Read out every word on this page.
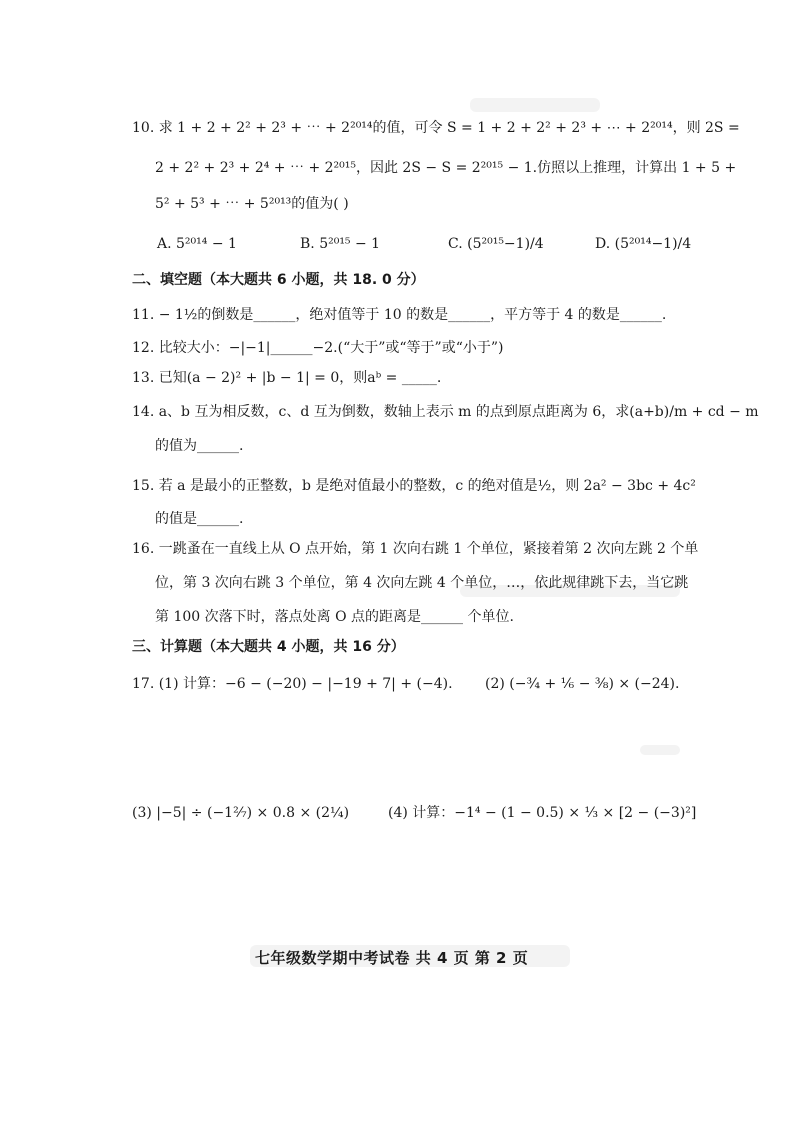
10. 求 1 + 2 + 2² + 2³ + ⋯ + 2²⁰¹⁴的值，可令 S = 1 + 2 + 2² + 2³ + ⋯ + 2²⁰¹⁴，则 2S =
2 + 2² + 2³ + 2⁴ + ⋯ + 2²⁰¹⁵，因此 2S − S = 2²⁰¹⁵ − 1.仿照以上推理，计算出 1 + 5 +
5² + 5³ + ⋯ + 5²⁰¹³的值为( )
A. 5²⁰¹⁴ − 1	B. 5²⁰¹⁵ − 1	C. (5²⁰¹⁵−1)/4	D. (5²⁰¹⁴−1)/4
二、填空题（本大题共 6 小题，共 18. 0 分）
11. − 1½的倒数是______，绝对值等于 10 的数是______，平方等于 4 的数是______.
12. 比较大小：−|−1|______−2.(“大于”或“等于”或“小于”)
13. 已知(a − 2)² + |b − 1| = 0，则aᵇ = _____.
14. a、b 互为相反数，c、d 互为倒数，数轴上表示 m 的点到原点距离为 6，求(a+b)/m + cd − m
的值为______.
15. 若 a 是最小的正整数，b 是绝对值最小的整数，c 的绝对值是½，则 2a² − 3bc + 4c²
的值是______.
16. 一跳蚤在一直线上从 O 点开始，第 1 次向右跳 1 个单位，紧接着第 2 次向左跳 2 个单
位，第 3 次向右跳 3 个单位，第 4 次向左跳 4 个单位，…，依此规律跳下去，当它跳
第 100 次落下时，落点处离 O 点的距离是______ 个单位.
三、计算题（本大题共 4 小题，共 16 分）
17. (1) 计算：−6 − (−20) − |−19 + 7| + (−4). (2) (−¾ + ⅙ − ⅜) × (−24).
(3) |−5| ÷ (−1²⁄₇) × 0.8 × (2¼)	(4) 计算：−1⁴ − (1 − 0.5) × ⅓ × [2 − (−3)²]
七年级数学期中考试卷 共 4 页 第 2 页
